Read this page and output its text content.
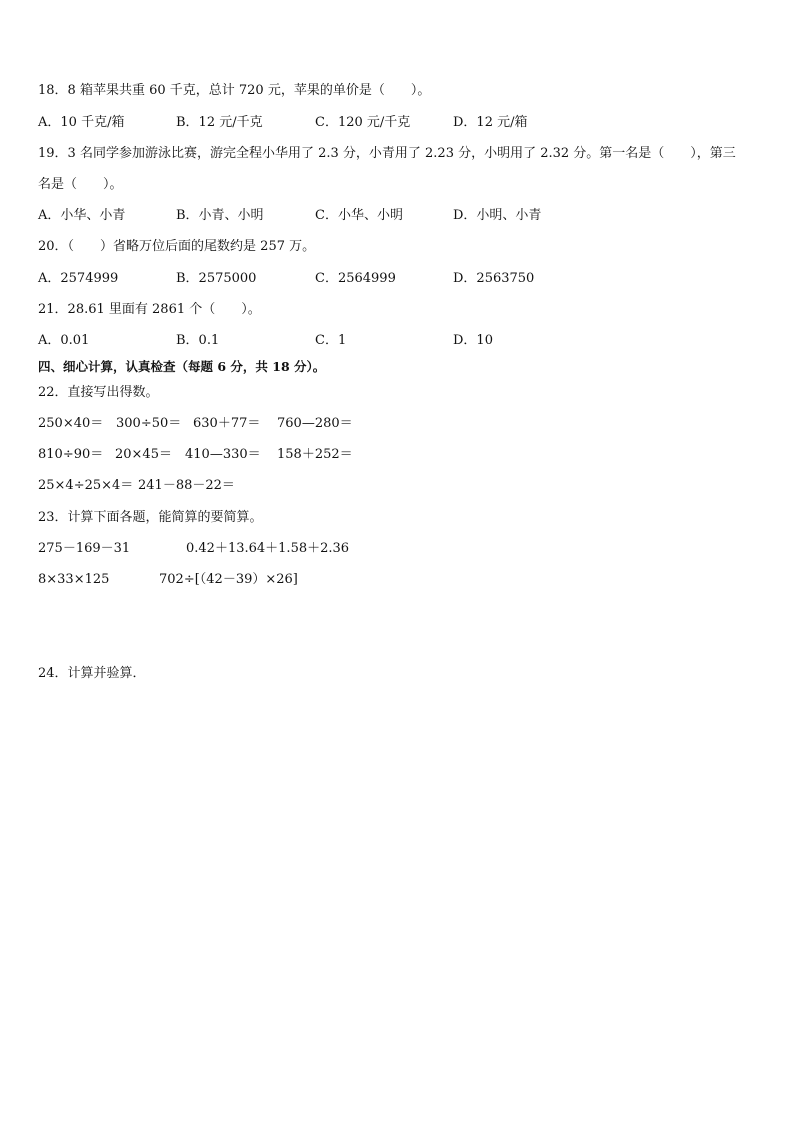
18．8 箱苹果共重 60 千克，总计 720 元，苹果的单价是（　　）。
A．10 千克/箱	B．12 元/千克	C．120 元/千克	D．12 元/箱
19．3 名同学参加游泳比赛，游完全程小华用了 2.3 分，小青用了 2.23 分，小明用了 2.32 分。第一名是（　　），第三
名是（　　）。
A．小华、小青	B．小青、小明	C．小华、小明	D．小明、小青
20．（　　）省略万位后面的尾数约是 257 万。
A．2574999	B．2575000	C．2564999	D．2563750
21．28.61 里面有 2861 个（　　）。
A．0.01	B．0.1	C．1	D．10
四、细心计算，认真检查（每题 6 分，共 18 分）。
22．直接写出得数。
250×40＝ 300÷50＝ 630＋77＝ 760—280＝
810÷90＝ 20×45＝ 410—330＝ 158＋252＝
25×4÷25×4＝ 241－88－22＝
23．计算下面各题，能简算的要简算。
275－169－31	0.42＋13.64＋1.58＋2.36
8×33×125	702÷[（42－39）×26]
24．计算并验算．
